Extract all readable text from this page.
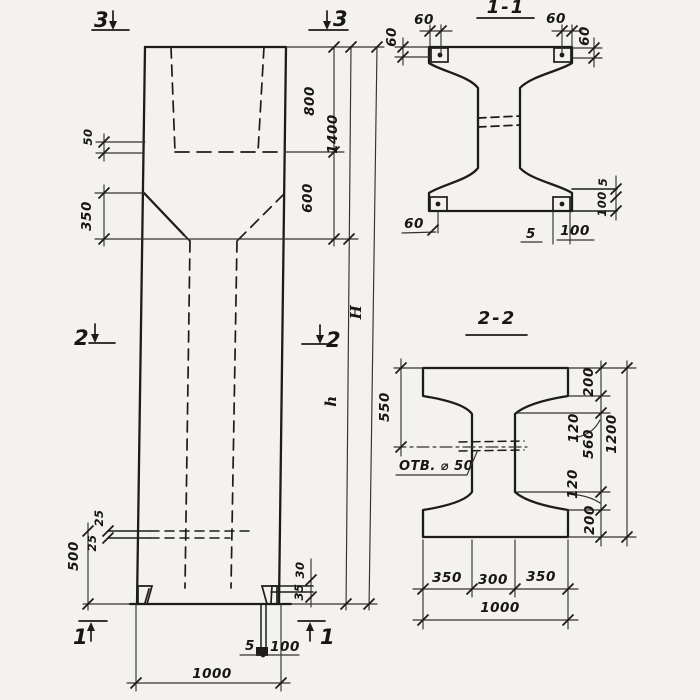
3	3
2	2
1	1
50
350
25
25
500	30
35
5 100
1000
800
1400
600
H
h
1-1
60	60
60	60
60
5 100
5
100
2-2
ОТВ. ⌀ 50
550
350 300 350
1000
200
120
560
120
200
1200
